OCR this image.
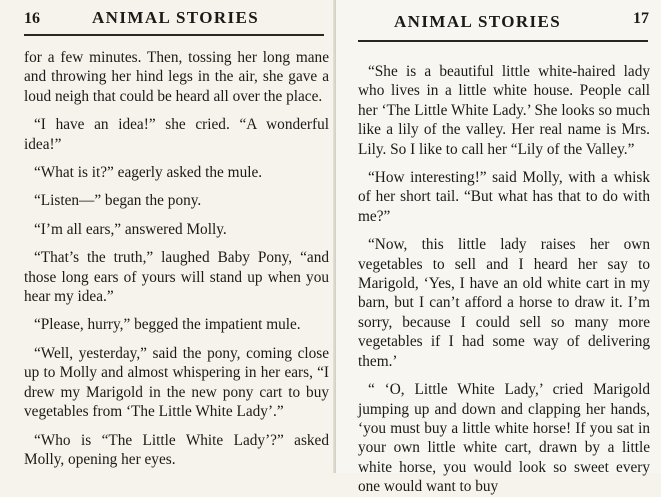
16	ANIMAL STORIES

for a few minutes. Then, tossing her long mane and throwing her hind legs in the air, she gave a loud neigh that could be heard all over the place.

“I have an idea!” she cried. “A wonderful idea!”

“What is it?” eagerly asked the mule.

“Listen—” began the pony.

“I’m all ears,” answered Molly.

“That’s the truth,” laughed Baby Pony, “and those long ears of yours will stand up when you hear my idea.”

“Please, hurry,” begged the impatient mule.

“Well, yesterday,” said the pony, coming close up to Molly and almost whispering in her ears, “I drew my Marigold in the new pony cart to buy vegetables from ‘The Little White Lady’.”

“Who is “The Little White Lady’?” asked Molly, opening her eyes.

ANIMAL STORIES	17

“She is a beautiful little white-haired lady who lives in a little white house. People call her ‘The Little White Lady.’ She looks so much like a lily of the valley. Her real name is Mrs. Lily. So I like to call her “Lily of the Valley.”

“How interesting!” said Molly, with a whisk of her short tail. “But what has that to do with me?”

“Now, this little lady raises her own vegetables to sell and I heard her say to Marigold, ‘Yes, I have an old white cart in my barn, but I can’t afford a horse to draw it. I’m sorry, because I could sell so many more vegetables if I had some way of delivering them.’

“ ‘O, Little White Lady,’ cried Marigold jumping up and down and clapping her hands, ‘you must buy a little white horse! If you sat in your own little white cart, drawn by a little white horse, you would look so sweet every one would want to buy
